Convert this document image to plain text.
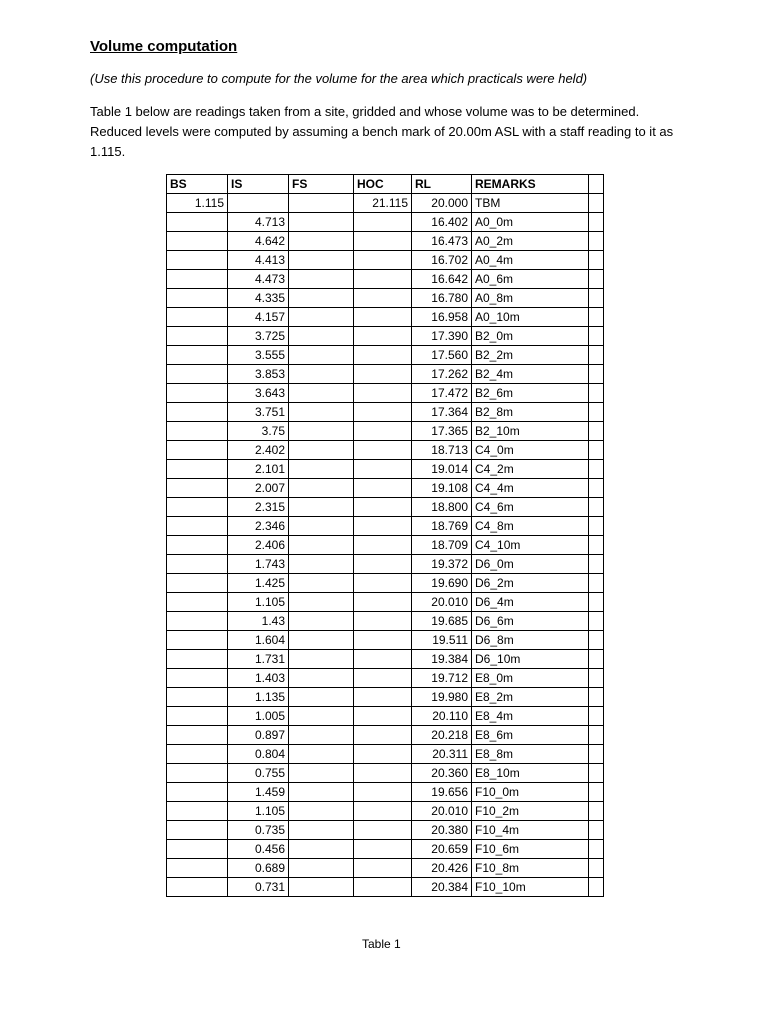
Volume computation

(Use this procedure to compute for the volume for the area which practicals were held)

Table 1 below are readings taken from a site, gridded and whose volume was to be determined. Reduced levels were computed by assuming a bench mark of 20.00m ASL with a staff reading to it as 1.115.

BS	IS	FS	HOC	RL	REMARKS	
1.115			21.115	20.000	TBM	
	4.713			16.402	A0_0m	
	4.642			16.473	A0_2m	
	4.413			16.702	A0_4m	
	4.473			16.642	A0_6m	
	4.335			16.780	A0_8m	
	4.157			16.958	A0_10m	
	3.725			17.390	B2_0m	
	3.555			17.560	B2_2m	
	3.853			17.262	B2_4m	
	3.643			17.472	B2_6m	
	3.751			17.364	B2_8m	
	3.75			17.365	B2_10m	
	2.402			18.713	C4_0m	
	2.101			19.014	C4_2m	
	2.007			19.108	C4_4m	
	2.315			18.800	C4_6m	
	2.346			18.769	C4_8m	
	2.406			18.709	C4_10m	
	1.743			19.372	D6_0m	
	1.425			19.690	D6_2m	
	1.105			20.010	D6_4m	
	1.43			19.685	D6_6m	
	1.604			19.511	D6_8m	
	1.731			19.384	D6_10m	
	1.403			19.712	E8_0m	
	1.135			19.980	E8_2m	
	1.005			20.110	E8_4m	
	0.897			20.218	E8_6m	
	0.804			20.311	E8_8m	
	0.755			20.360	E8_10m	
	1.459			19.656	F10_0m	
	1.105			20.010	F10_2m	
	0.735			20.380	F10_4m	
	0.456			20.659	F10_6m	
	0.689			20.426	F10_8m	
	0.731			20.384	F10_10m	

Table 1
